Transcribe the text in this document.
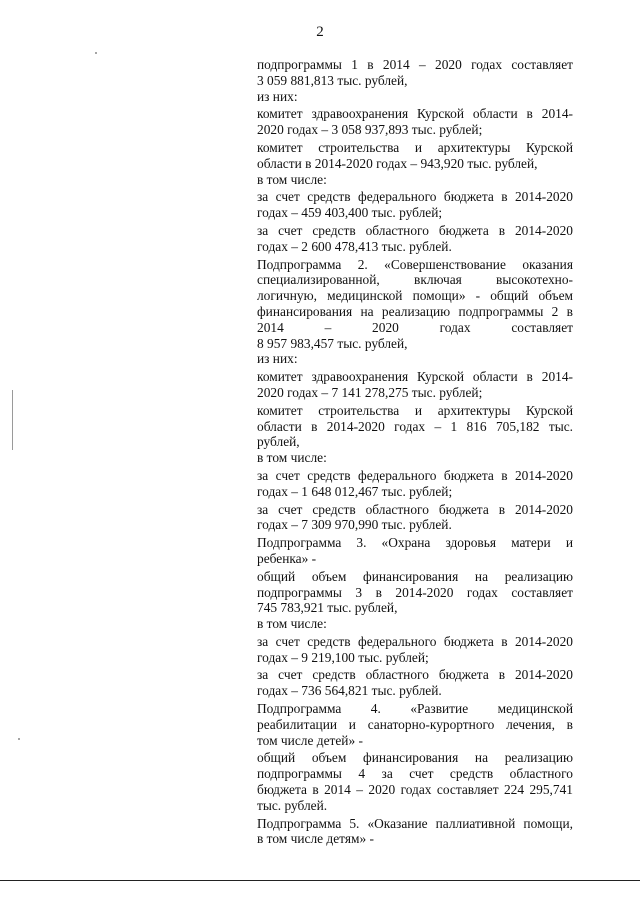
2
подпрограммы 1 в 2014 – 2020 годах составляет
3 059 881,813 тыс. рублей,
из них:
комитет здравоохранения Курской области в 2014-
2020 годах – 3 058 937,893 тыс. рублей;
комитет строительства и архитектуры Курской
области в 2014-2020 годах – 943,920 тыс. рублей,
в том числе:
за счет средств федерального бюджета в 2014-2020
годах – 459 403,400 тыс. рублей;
за счет средств областного бюджета в 2014-2020
годах – 2 600 478,413 тыс. рублей.
Подпрограмма 2. «Совершенствование оказания
специализированной, включая высокотехно-
логичную, медицинской помощи» - общий объем
финансирования на реализацию подпрограммы 2 в
2014 – 2020 годах составляет
8 957 983,457 тыс. рублей,
из них:
комитет здравоохранения Курской области в 2014-
2020 годах – 7 141 278,275 тыс. рублей;
комитет строительства и архитектуры Курской
области в 2014-2020 годах – 1 816 705,182 тыс.
рублей,
в том числе:
за счет средств федерального бюджета в 2014-2020
годах – 1 648 012,467 тыс. рублей;
за счет средств областного бюджета в 2014-2020
годах – 7 309 970,990 тыс. рублей.
Подпрограмма 3. «Охрана здоровья матери и
ребенка» -
общий объем финансирования на реализацию
подпрограммы 3 в 2014-2020 годах составляет
745 783,921 тыс. рублей,
в том числе:
за счет средств федерального бюджета в 2014-2020
годах – 9 219,100 тыс. рублей;
за счет средств областного бюджета в 2014-2020
годах – 736 564,821 тыс. рублей.
Подпрограмма 4. «Развитие медицинской
реабилитации и санаторно-курортного лечения, в
том числе детей» -
общий объем финансирования на реализацию
подпрограммы 4 за счет средств областного
бюджета в 2014 – 2020 годах составляет 224 295,741
тыс. рублей.
Подпрограмма 5. «Оказание паллиативной помощи,
в том числе детям» -
